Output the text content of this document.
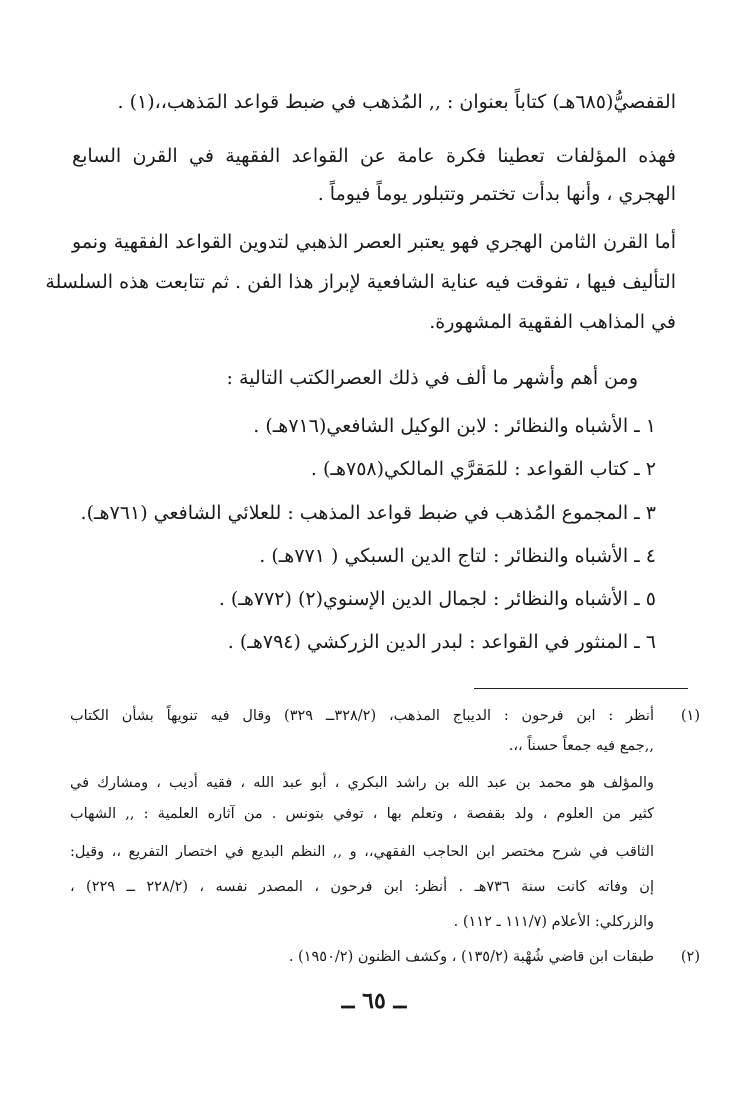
القفصيُّ(٦٨٥هـ) كتاباً بعنوان : ,, المُذهب في ضبط قواعد المَذهب،،(١) .
فهذه المؤلفات تعطينا فكرة عامة عن القواعد الفقهية في القرن السابع
الهجري ، وأنها بدأت تختمر وتتبلور يوماً فيوماً .
أما القرن الثامن الهجري فهو يعتبر العصر الذهبي لتدوين القواعد الفقهية ونمو
التأليف فيها ، تفوقت فيه عناية الشافعية لإبراز هذا الفن . ثم تتابعت هذه السلسلة
في المذاهب الفقهية المشهورة.
ومن أهم وأشهر ما ألف في ذلك العصرالكتب التالية :
١ ـ الأشباه والنظائر : لابن الوكيل الشافعي(٧١٦هـ) .
٢ ـ كتاب القواعد : للمَقرَّي المالكي(٧٥٨هـ) .
٣ ـ المجموع المُذهب في ضبط قواعد المذهب : للعلائي الشافعي (٧٦١هـ).
٤ ـ الأشباه والنظائر : لتاج الدين السبكي ( ٧٧١هـ) .
٥ ـ الأشباه والنظائر : لجمال الدين الإسنوي(٢) (٧٧٢هـ) .
٦ ـ المنثور في القواعد : لبدر الدين الزركشي (٧٩٤هـ) .
(١)
أنظر : ابن فرحون : الديباج المذهب، (٣٢٨/٢ــ ٣٢٩) وقال فيه تنويهاً بشأن الكتاب
,,جمع فيه جمعاً حسناً ،،.
والمؤلف هو محمد بن عبد الله بن راشد البكري ، أبو عبد الله ، فقيه أديب ، ومشارك في
كثير من العلوم ، ولد بقفصة ، وتعلم بها ، توفي بتونس . من آثاره العلمية : ,, الشهاب
الثاقب في شرح مختصر ابن الحاجب الفقهي،، و ,, النظم البديع في اختصار التفريع ،، وقيل:
إن وفاته كانت سنة ٧٣٦هـ . أنظر: ابن فرحون ، المصدر نفسه ، (٢٢٨/٢ ــ ٢٢٩) ،
والزركلي: الأعلام (١١١/٧ ـ ١١٢) .
(٢)
طبقات ابن قاضي شُهْبة (١٣٥/٢) ، وكشف الظنون (١٩٥٠/٢) .
ــ ٦٥ ــ
